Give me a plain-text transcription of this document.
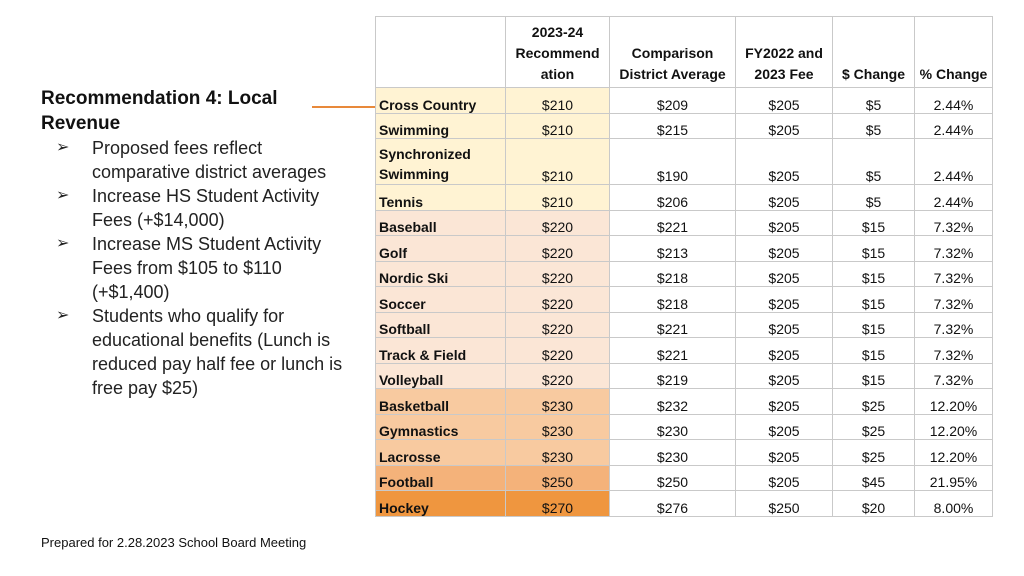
Recommendation 4: Local Revenue

➢ Proposed fees reflect comparative district averages
➢ Increase HS Student Activity Fees (+$14,000)
➢ Increase MS Student Activity Fees from $105 to $110 (+$1,400)
➢ Students who qualify for educational benefits (Lunch is reduced pay half fee or lunch is free pay $25)
	2023-24 Recommend ation	Comparison District Average	FY2022 and 2023 Fee	$ Change	% Change
Cross Country	$210	$209	$205	$5	2.44%
Swimming	$210	$215	$205	$5	2.44%
Synchronized Swimming	$210	$190	$205	$5	2.44%
Tennis	$210	$206	$205	$5	2.44%
Baseball	$220	$221	$205	$15	7.32%
Golf	$220	$213	$205	$15	7.32%
Nordic Ski	$220	$218	$205	$15	7.32%
Soccer	$220	$218	$205	$15	7.32%
Softball	$220	$221	$205	$15	7.32%
Track & Field	$220	$221	$205	$15	7.32%
Volleyball	$220	$219	$205	$15	7.32%
Basketball	$230	$232	$205	$25	12.20%
Gymnastics	$230	$230	$205	$25	12.20%
Lacrosse	$230	$230	$205	$25	12.20%
Football	$250	$250	$205	$45	21.95%
Hockey	$270	$276	$250	$20	8.00%
Prepared for 2.28.2023 School Board Meeting
